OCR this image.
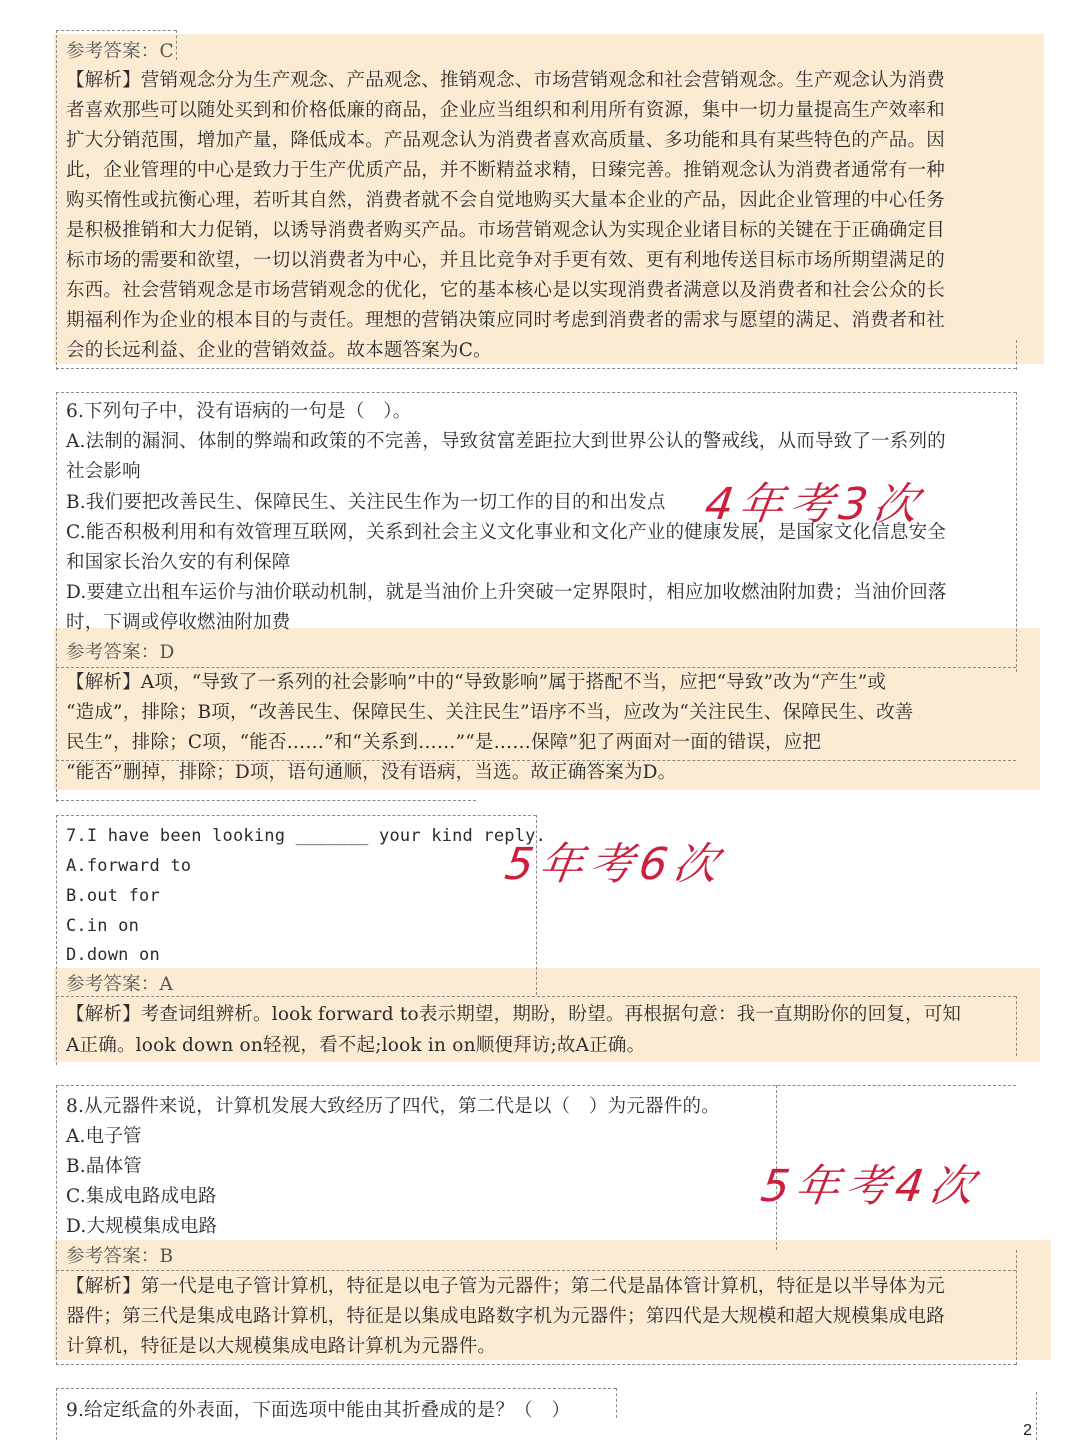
参考答案：C
【解析】营销观念分为生产观念、产品观念、推销观念、市场营销观念和社会营销观念。生产观念认为消费
者喜欢那些可以随处买到和价格低廉的商品，企业应当组织和利用所有资源，集中一切力量提高生产效率和
扩大分销范围，增加产量，降低成本。产品观念认为消费者喜欢高质量、多功能和具有某些特色的产品。因
此，企业管理的中心是致力于生产优质产品，并不断精益求精，日臻完善。推销观念认为消费者通常有一种
购买惰性或抗衡心理，若听其自然，消费者就不会自觉地购买大量本企业的产品，因此企业管理的中心任务
是积极推销和大力促销，以诱导消费者购买产品。市场营销观念认为实现企业诸目标的关键在于正确确定目
标市场的需要和欲望，一切以消费者为中心，并且比竞争对手更有效、更有利地传送目标市场所期望满足的
东西。社会营销观念是市场营销观念的优化，它的基本核心是以实现消费者满意以及消费者和社会公众的长
期福利作为企业的根本目的与责任。理想的营销决策应同时考虑到消费者的需求与愿望的满足、消费者和社
会的长远利益、企业的营销效益。故本题答案为C。
6.下列句子中，没有语病的一句是（　）。
A.法制的漏洞、体制的弊端和政策的不完善，导致贫富差距拉大到世界公认的警戒线，从而导致了一系列的
社会影响
B.我们要把改善民生、保障民生、关注民生作为一切工作的目的和出发点
C.能否积极利用和有效管理互联网，关系到社会主义文化事业和文化产业的健康发展，是国家文化信息安全
和国家长治久安的有利保障
D.要建立出租车运价与油价联动机制，就是当油价上升突破一定界限时，相应加收燃油附加费；当油价回落
时，下调或停收燃油附加费
参考答案：D
【解析】A项，“导致了一系列的社会影响”中的“导致影响”属于搭配不当，应把“导致”改为“产生”或
“造成”，排除；B项，“改善民生、保障民生、关注民生”语序不当，应改为“关注民生、保障民生、改善
民生”，排除；C项，“能否……”和“关系到……”“是……保障”犯了两面对一面的错误，应把
“能否”删掉，排除；D项，语句通顺，没有语病，当选。故正确答案为D。
4年考3次
7.I have been looking _______ your kind reply.
A.forward to
B.out for
C.in on
D.down on
参考答案：A
【解析】考查词组辨析。look forward to表示期望，期盼，盼望。再根据句意：我一直期盼你的回复，可知
A正确。look down on轻视，看不起;look in on顺便拜访;故A正确。
5年考6次
8.从元器件来说，计算机发展大致经历了四代，第二代是以（　）为元器件的。
A.电子管
B.晶体管
C.集成电路成电路
D.大规模集成电路
参考答案：B
【解析】第一代是电子管计算机，特征是以电子管为元器件；第二代是晶体管计算机，特征是以半导体为元
器件；第三代是集成电路计算机，特征是以集成电路数字机为元器件；第四代是大规模和超大规模集成电路
计算机，特征是以大规模集成电路计算机为元器件。
5年考4次
9.给定纸盒的外表面，下面选项中能由其折叠成的是？（　）
2
